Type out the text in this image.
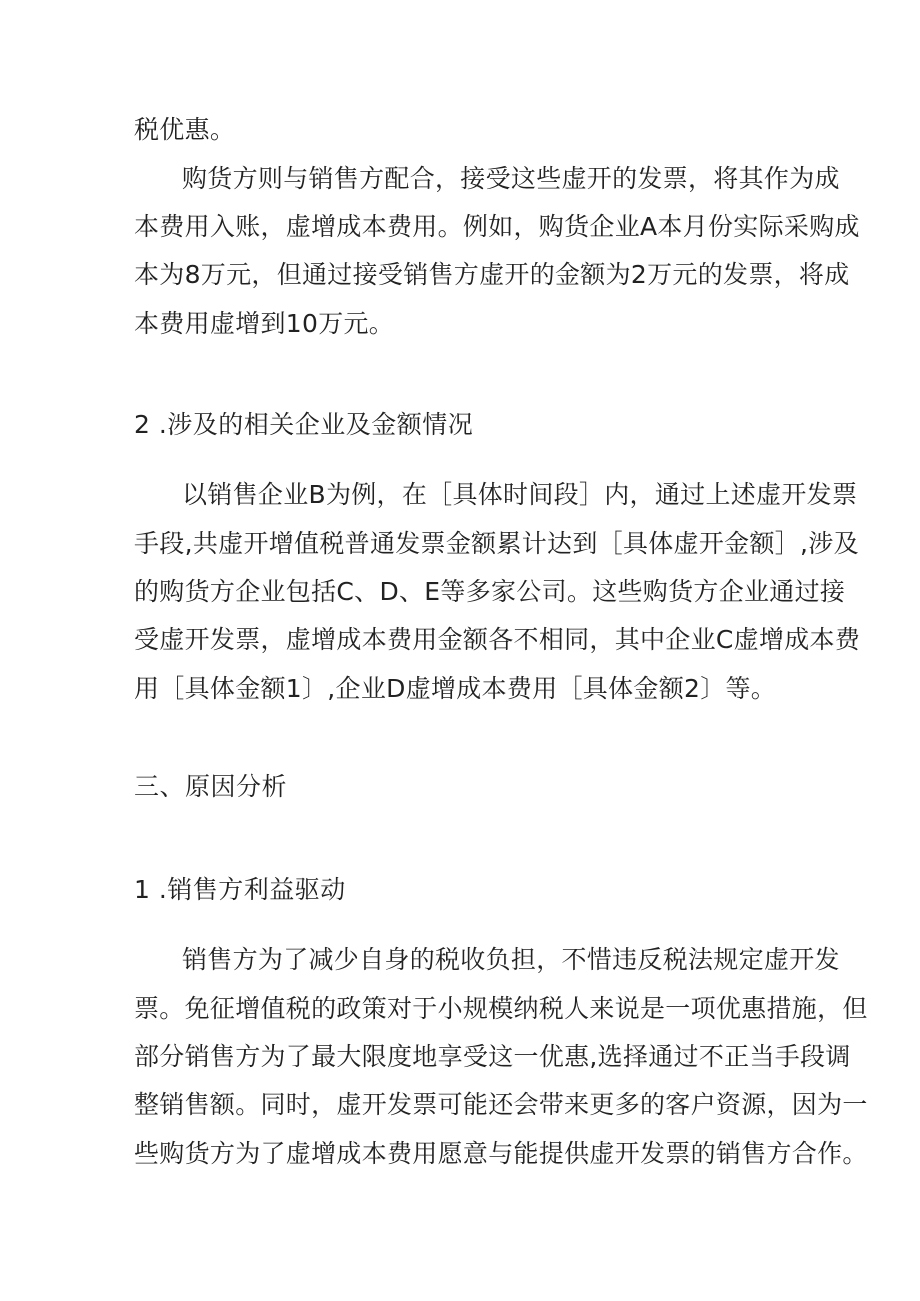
税优惠。
购货方则与销售方配合，接受这些虚开的发票，将其作为成
本费用入账，虚增成本费用。例如，购货企业A本月份实际采购成
本为8万元，但通过接受销售方虚开的金额为2万元的发票，将成
本费用虚增到10万元。
2 .涉及的相关企业及金额情况
以销售企业B为例，在［具体时间段］内，通过上述虚开发票
手段,共虚开增值税普通发票金额累计达到［具体虚开金额］,涉及
的购货方企业包括C、D、E等多家公司。这些购货方企业通过接
受虚开发票，虚增成本费用金额各不相同，其中企业C虚增成本费
用［具体金额1〕,企业D虚增成本费用［具体金额2〕等。
三、原因分析
1 .销售方利益驱动
销售方为了减少自身的税收负担，不惜违反税法规定虚开发
票。免征增值税的政策对于小规模纳税人来说是一项优惠措施，但
部分销售方为了最大限度地享受这一优惠,选择通过不正当手段调
整销售额。同时，虚开发票可能还会带来更多的客户资源，因为一
些购货方为了虚增成本费用愿意与能提供虚开发票的销售方合作。
